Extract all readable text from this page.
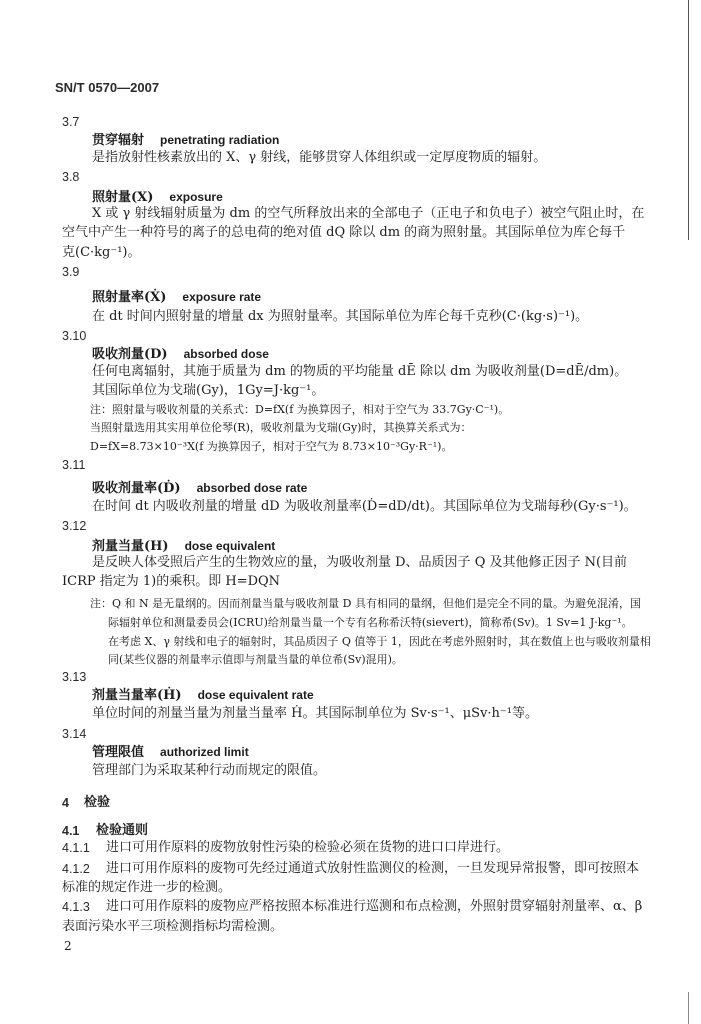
SN/T 0570—2007
3.7
贯穿辐射 penetrating radiation
是指放射性核素放出的 X、γ 射线，能够贯穿人体组织或一定厚度物质的辐射。
3.8
照射量(X) exposure
X 或 γ 射线辐射质量为 dm 的空气所释放出来的全部电子（正电子和负电子）被空气阻止时，在
空气中产生一种符号的离子的总电荷的绝对值 dQ 除以 dm 的商为照射量。其国际单位为库仑每千
克(C·kg⁻¹)。
3.9
照射量率(Ẋ) exposure rate
在 dt 时间内照射量的增量 dx 为照射量率。其国际单位为库仑每千克秒(C·(kg·s)⁻¹)。
3.10
吸收剂量(D) absorbed dose
任何电离辐射，其施于质量为 dm 的物质的平均能量 dĒ 除以 dm 为吸收剂量(D=dĒ/dm)。
其国际单位为戈瑞(Gy)，1Gy=J·kg⁻¹。
注：照射量与吸收剂量的关系式：D=fX(f 为换算因子，相对于空气为 33.7Gy·C⁻¹)。
当照射量选用其实用单位伦琴(R)，吸收剂量为戈瑞(Gy)时，其换算关系式为：
D=fX=8.73×10⁻³X(f 为换算因子，相对于空气为 8.73×10⁻³Gy·R⁻¹)。
3.11
吸收剂量率(Ḋ) absorbed dose rate
在时间 dt 内吸收剂量的增量 dD 为吸收剂量率(Ḋ=dD/dt)。其国际单位为戈瑞每秒(Gy·s⁻¹)。
3.12
剂量当量(H) dose equivalent
是反映人体受照后产生的生物效应的量，为吸收剂量 D、品质因子 Q 及其他修正因子 N(目前
ICRP 指定为 1)的乘积。即 H=DQN
注：Q 和 N 是无量纲的。因而剂量当量与吸收剂量 D 具有相同的量纲，但他们是完全不同的量。为避免混淆，国
际辐射单位和测量委员会(ICRU)给剂量当量一个专有名称希沃特(sievert)，简称希(Sv)。1 Sv=1 J·kg⁻¹。
在考虑 X、γ 射线和电子的辐射时，其品质因子 Q 值等于 1，因此在考虑外照射时，其在数值上也与吸收剂量相
同(某些仪器的剂量率示值即与剂量当量的单位希(Sv)混用)。
3.13
剂量当量率(Ḣ) dose equivalent rate
单位时间的剂量当量为剂量当量率 Ḣ。其国际制单位为 Sv·s⁻¹、μSv·h⁻¹等。
3.14
管理限值 authorized limit
管理部门为采取某种行动而规定的限值。
4 检验
4.1 检验通则
4.1.1 进口可用作原料的废物放射性污染的检验必须在货物的进口口岸进行。
4.1.2 进口可用作原料的废物可先经过通道式放射性监测仪的检测，一旦发现异常报警，即可按照本
标准的规定作进一步的检测。
4.1.3 进口可用作原料的废物应严格按照本标准进行巡测和布点检测，外照射贯穿辐射剂量率、α、β
表面污染水平三项检测指标均需检测。
2
